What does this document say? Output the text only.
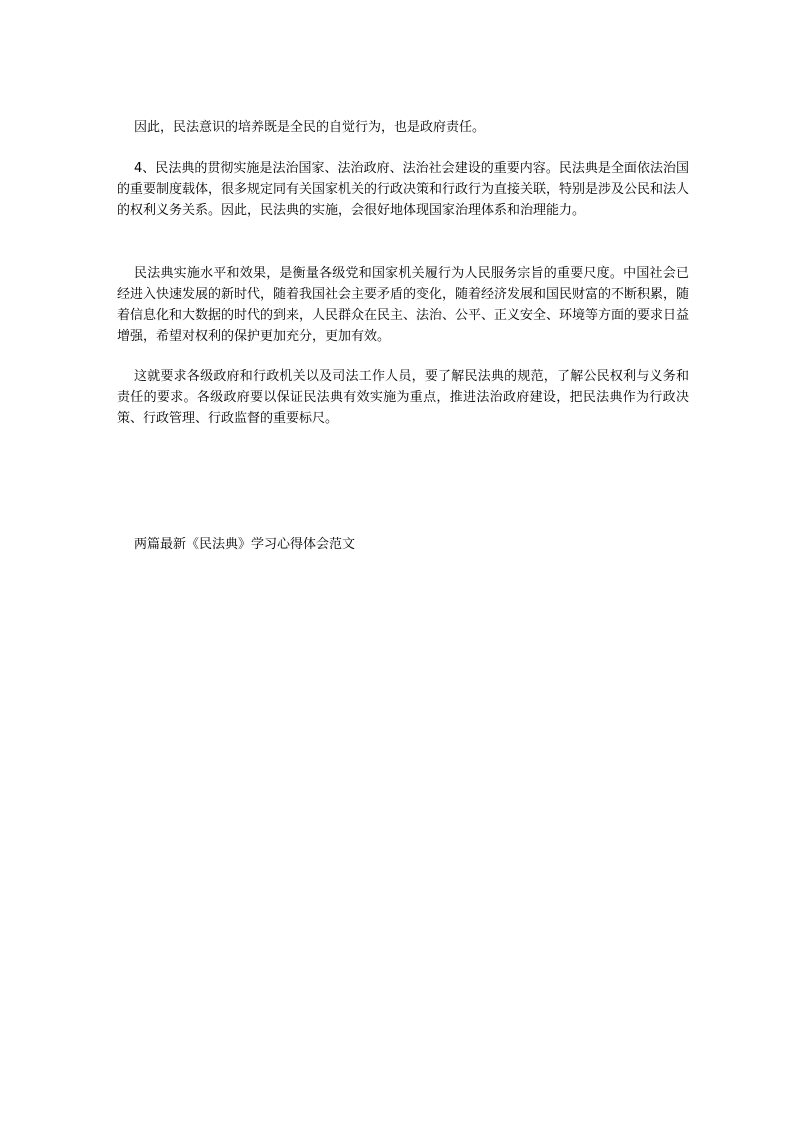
因此，民法意识的培养既是全民的自觉行为，也是政府责任。

4、民法典的贯彻实施是法治国家、法治政府、法治社会建设的重要内容。民法典是全面依法治国的重要制度载体，很多规定同有关国家机关的行政决策和行政行为直接关联，特别是涉及公民和法人的权利义务关系。因此，民法典的实施，会很好地体现国家治理体系和治理能力。

民法典实施水平和效果，是衡量各级党和国家机关履行为人民服务宗旨的重要尺度。中国社会已经进入快速发展的新时代，随着我国社会主要矛盾的变化，随着经济发展和国民财富的不断积累，随着信息化和大数据的时代的到来，人民群众在民主、法治、公平、正义安全、环境等方面的要求日益增强，希望对权利的保护更加充分，更加有效。

这就要求各级政府和行政机关以及司法工作人员，要了解民法典的规范，了解公民权利与义务和责任的要求。各级政府要以保证民法典有效实施为重点，推进法治政府建设，把民法典作为行政决策、行政管理、行政监督的重要标尺。

两篇最新《民法典》学习心得体会范文
